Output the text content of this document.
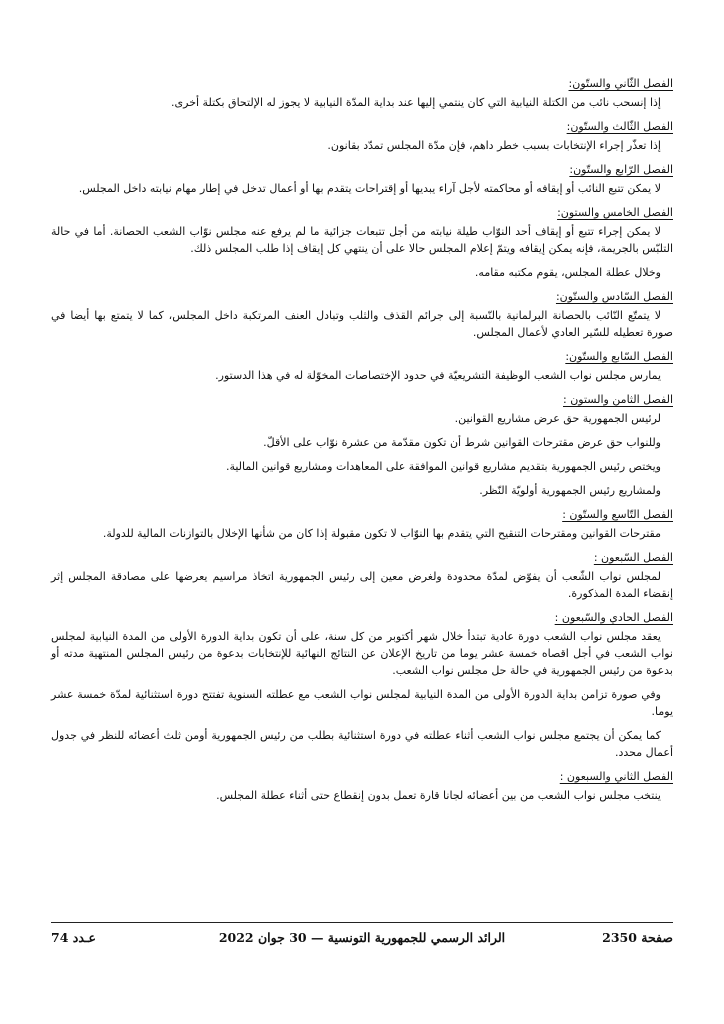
الفصل الثّاني والستّون:

إذا إنسحب نائب من الكتلة النيابية التي كان ينتمي إليها عند بداية المدّة النيابية لا يجوز له الإلتحاق بكتلة أخرى.

الفصل الثّالث والستّون:

إذا تعذّر إجراء الإنتخابات بسبب خطر داهم، فإن مدّة المجلس تمدّد بقانون.

الفصل الرّابع والستّون:

لا يمكن تتبع النائب أو إيقافه أو محاكمته لأجل آراء يبديها أو إقتراحات يتقدم بها أو أعمال تدخل في إطار مهام نيابته داخل المجلس.

الفصل الخامس والستون:

لا يمكن إجراء تتبع أو إيقاف أحد النوّاب طيلة نيابته من أجل تتبعات جزائية ما لم يرفع عنه مجلس نوّاب الشعب الحصانة. أما في حالة التلبّس بالجريمة، فإنه يمكن إيقافه ويتمّ إعلام المجلس حالا على أن ينتهي كل إيقاف إذا طلب المجلس ذلك.

وخلال عطلة المجلس، يقوم مكتبه مقامه.

الفصل السّادس والستّون:

لا يتمتّع النّائب بالحصانة البرلمانية بالنّسبة إلى جرائم القذف والثلب وتبادل العنف المرتكبة داخل المجلس، كما لا يتمتع بها أيضا في صورة تعطيله للسّير العادي لأعمال المجلس.

الفصل السّابع والستّون:

يمارس مجلس نواب الشعب الوظيفة التشريعيّة في حدود الإختصاصات المخوّلة له في هذا الدستور.

الفصل الثامن والستون :

لرئيس الجمهورية حق عرض مشاريع القوانين.

وللنواب حق عرض مقترحات القوانين شرط أن تكون مقدّمة من عشرة نوّاب على الأقلّ.

ويختص رئيس الجمهورية بتقديم مشاريع قوانين الموافقة على المعاهدات ومشاريع قوانين المالية.

ولمشاريع رئيس الجمهورية أولويّة النّظر.

الفصل التّاسع والستّون :

مقترحات القوانين ومقترحات التنقيح التي يتقدم بها النوّاب لا تكون مقبولة إذا كان من شأنها الإخلال بالتوازنات المالية للدولة.

الفصل السّبعون :

لمجلس نواب الشّعب أن يفوّض لمدّة محدودة ولغرض معين إلى رئيس الجمهورية اتخاذ مراسيم يعرضها على مصادقة المجلس إثر إنقضاء المدة المذكورة.

الفصل الحادي والسّبعون :

يعقد مجلس نواب الشعب دورة عادية تبتدأ خلال شهر أكتوبر من كل سنة، على أن تكون بداية الدورة الأولى من المدة النيابية لمجلس نواب الشعب في أجل اقصاه خمسة عشر يوما من تاريخ الإعلان عن النتائج النهائية للإنتخابات بدعوة من رئيس المجلس المنتهية مدته أو بدعوة من رئيس الجمهورية في حالة حل مجلس نواب الشعب.

وفي صورة تزامن بداية الدورة الأولى من المدة النيابية لمجلس نواب الشعب مع عطلته السنوية تفتتح دورة استثنائية لمدّة خمسة عشر يوما.

كما يمكن أن يجتمع مجلس نواب الشعب أثناء عطلته في دورة استثنائية بطلب من رئيس الجمهورية أومن ثلث أعضائه للنظر في جدول أعمال محدد.

الفصل الثاني والسبعون :

ينتخب مجلس نواب الشعب من بين أعضائه لجانا قارة تعمل بدون إنقطاع حتى أثناء عطلة المجلس.

صفحة 2350
الرائد الرسمي للجمهورية التونسية — 30 جوان 2022
عـدد 74
